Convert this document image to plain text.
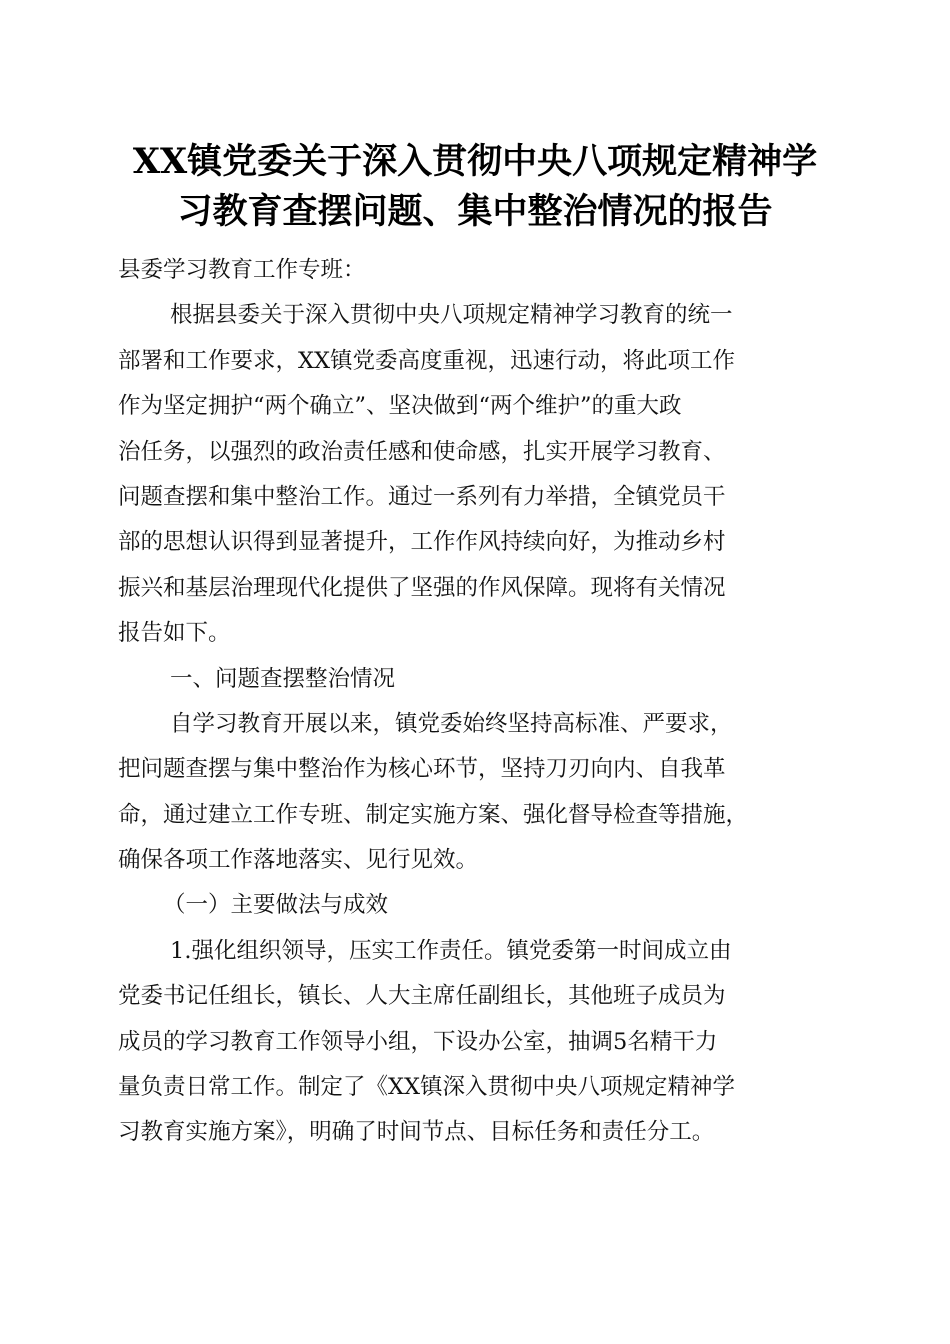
XX镇党委关于深入贯彻中央八项规定精神学
习教育查摆问题、集中整治情况的报告
县委学习教育工作专班：
根据县委关于深入贯彻中央八项规定精神学习教育的统一
部署和工作要求，XX镇党委高度重视，迅速行动，将此项工作
作为坚定拥护“两个确立”、坚决做到“两个维护”的重大政
治任务，以强烈的政治责任感和使命感，扎实开展学习教育、
问题查摆和集中整治工作。通过一系列有力举措，全镇党员干
部的思想认识得到显著提升，工作作风持续向好，为推动乡村
振兴和基层治理现代化提供了坚强的作风保障。现将有关情况
报告如下。
一、问题查摆整治情况
自学习教育开展以来，镇党委始终坚持高标准、严要求，
把问题查摆与集中整治作为核心环节，坚持刀刃向内、自我革
命，通过建立工作专班、制定实施方案、强化督导检查等措施，
确保各项工作落地落实、见行见效。
（一）主要做法与成效
1.强化组织领导，压实工作责任。镇党委第一时间成立由
党委书记任组长，镇长、人大主席任副组长，其他班子成员为
成员的学习教育工作领导小组，下设办公室，抽调5名精干力
量负责日常工作。制定了《XX镇深入贯彻中央八项规定精神学
习教育实施方案》，明确了时间节点、目标任务和责任分工。
